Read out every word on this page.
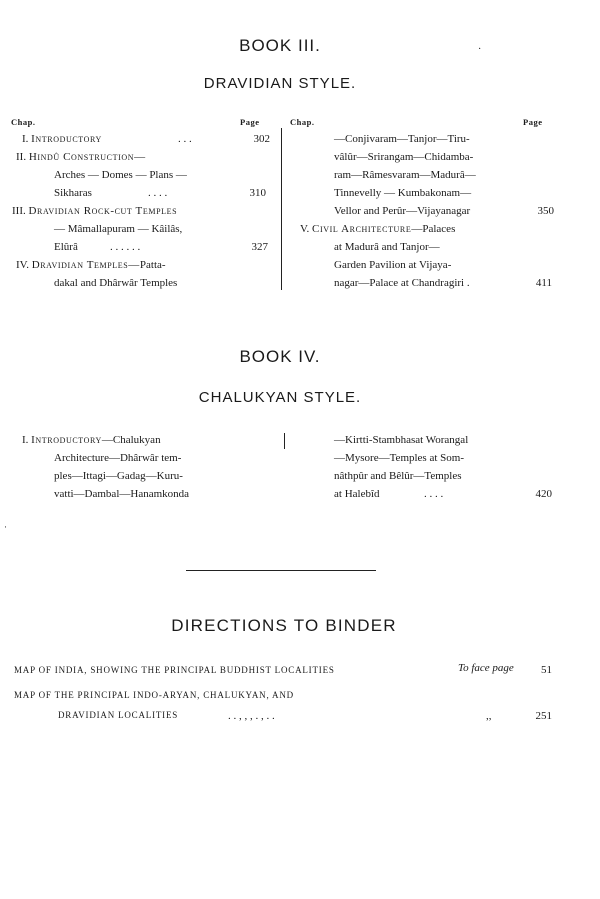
BOOK III.	·
DRAVIDIAN STYLE.
Chap.	Page	Chap.	Page
I. Introductory	. . .	302
II. Hindû Construction—
Arches — Domes — Plans —
Sikharas	. . . .	310
III. Dravidian Rock-cut Temples
— Mâmallapuram — Kâilâs,
Elûrâ	. . . . . .	327
IV. Dravidian Temples—Patta-
dakal and Dhârwâr Temples
—Conjivaram—Tanjor—Tiru-
vâlûr—Srirangam—Chidamba-
ram—Râmesvaram—Madurâ—
Tinnevelly — Kumbakonam—
Vellor and Perûr—Vijayanagar	350
V. Civil Architecture—Palaces
at Madurâ and Tanjor—
Garden Pavilion at Vijaya-
nagar—Palace at Chandragiri .	411
BOOK IV.
CHALUKYAN STYLE.
I. Introductory—Chalukyan
Architecture—Dhârwâr tem-
ples—Ittagi—Gadag—Kuru-
vatti—Dambal—Hanamkonda
—Kirtti-Stambhasat Worangal
—Mysore—Temples at Som-
nâthpûr and Bêlûr—Temples
at Halebîd	. . . .	420
·
DIRECTIONS TO BINDER
MAP OF INDIA, SHOWING THE PRINCIPAL BUDDHIST LOCALITIES	To face page	51
MAP OF THE PRINCIPAL INDO-ARYAN, CHALUKYAN, AND
DRAVIDIAN LOCALITIES	. . , , , . , . .	,,	251
